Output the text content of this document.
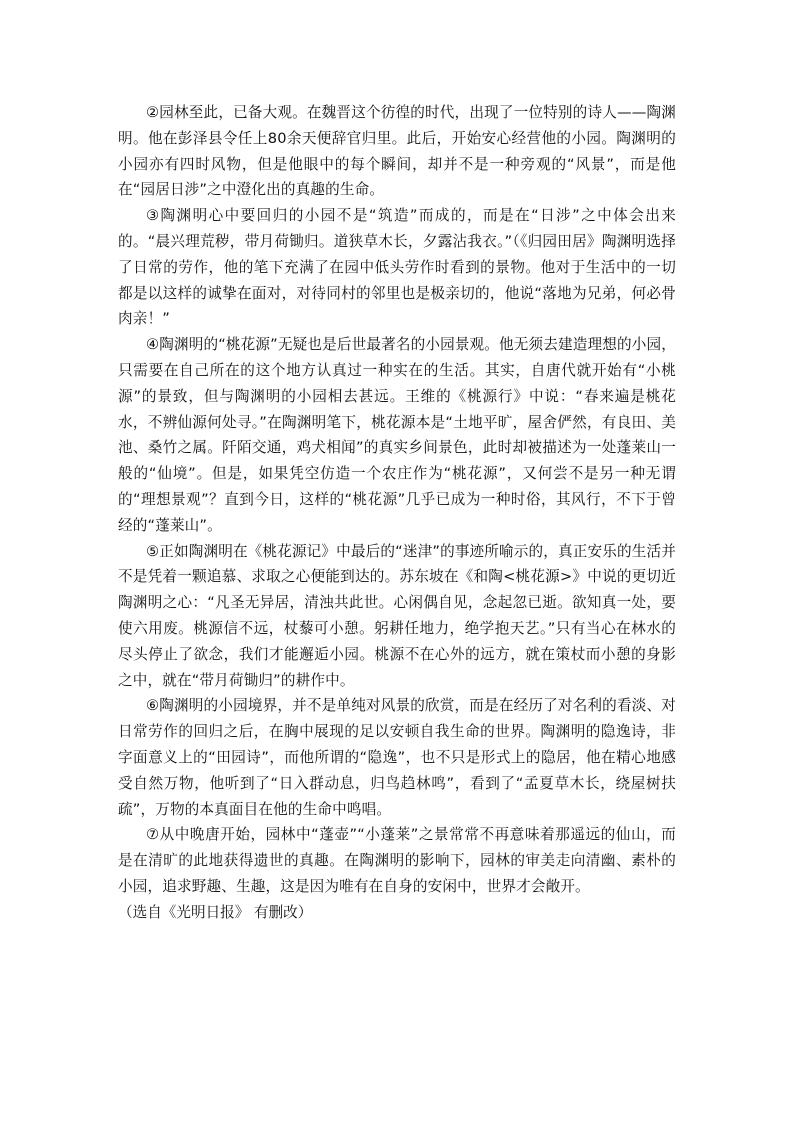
②园林至此，已备大观。在魏晋这个彷徨的时代，出现了一位特别的诗人——陶渊明。他在彭泽县令任上80余天便辞官归里。此后，开始安心经营他的小园。陶渊明的小园亦有四时风物，但是他眼中的每个瞬间，却并不是一种旁观的“风景”，而是他在“园居日涉”之中澄化出的真趣的生命。

③陶渊明心中要回归的小园不是“筑造”而成的，而是在“日涉”之中体会出来的。“晨兴理荒秽，带月荷锄归。道狭草木长，夕露沾我衣。”（《归园田居》陶渊明选择了日常的劳作，他的笔下充满了在园中低头劳作时看到的景物。他对于生活中的一切都是以这样的诚挚在面对，对待同村的邻里也是极亲切的，他说“落地为兄弟，何必骨肉亲！”

④陶渊明的“桃花源”无疑也是后世最著名的小园景观。他无须去建造理想的小园，只需要在自己所在的这个地方认真过一种实在的生活。其实，自唐代就开始有“小桃源”的景致，但与陶渊明的小园相去甚远。王维的《桃源行》中说：“春来遍是桃花水，不辨仙源何处寻。”在陶渊明笔下，桃花源本是“土地平旷，屋舍俨然，有良田、美池、桑竹之属。阡陌交通，鸡犬相闻”的真实乡间景色，此时却被描述为一处蓬莱山一般的“仙境”。但是，如果凭空仿造一个农庄作为“桃花源”，又何尝不是另一种无谓的“理想景观”？直到今日，这样的“桃花源”几乎已成为一种时俗，其风行，不下于曾经的“蓬莱山”。

⑤正如陶渊明在《桃花源记》中最后的“迷津”的事迹所喻示的，真正安乐的生活并不是凭着一颗追慕、求取之心便能到达的。苏东坡在《和陶<桃花源>》中说的更切近陶渊明之心：“凡圣无异居，清浊共此世。心闲偶自见，念起忽已逝。欲知真一处，要使六用废。桃源信不远，杖藜可小憩。躬耕任地力，绝学抱天艺。”只有当心在林水的尽头停止了欲念，我们才能邂逅小园。桃源不在心外的远方，就在策杖而小憩的身影之中，就在“带月荷锄归”的耕作中。

⑥陶渊明的小园境界，并不是单纯对风景的欣赏，而是在经历了对名利的看淡、对日常劳作的回归之后，在胸中展现的足以安顿自我生命的世界。陶渊明的隐逸诗，非字面意义上的“田园诗”，而他所谓的“隐逸”，也不只是形式上的隐居，他在精心地感受自然万物，他听到了“日入群动息，归鸟趋林鸣”，看到了“孟夏草木长，绕屋树扶疏”，万物的本真面目在他的生命中鸣唱。

⑦从中晚唐开始，园林中“蓬壶”“小蓬莱”之景常常不再意味着那遥远的仙山，而是在清旷的此地获得遗世的真趣。在陶渊明的影响下，园林的审美走向清幽、素朴的小园，追求野趣、生趣，这是因为唯有在自身的安闲中，世界才会敞开。

（选自《光明日报》 有删改）
